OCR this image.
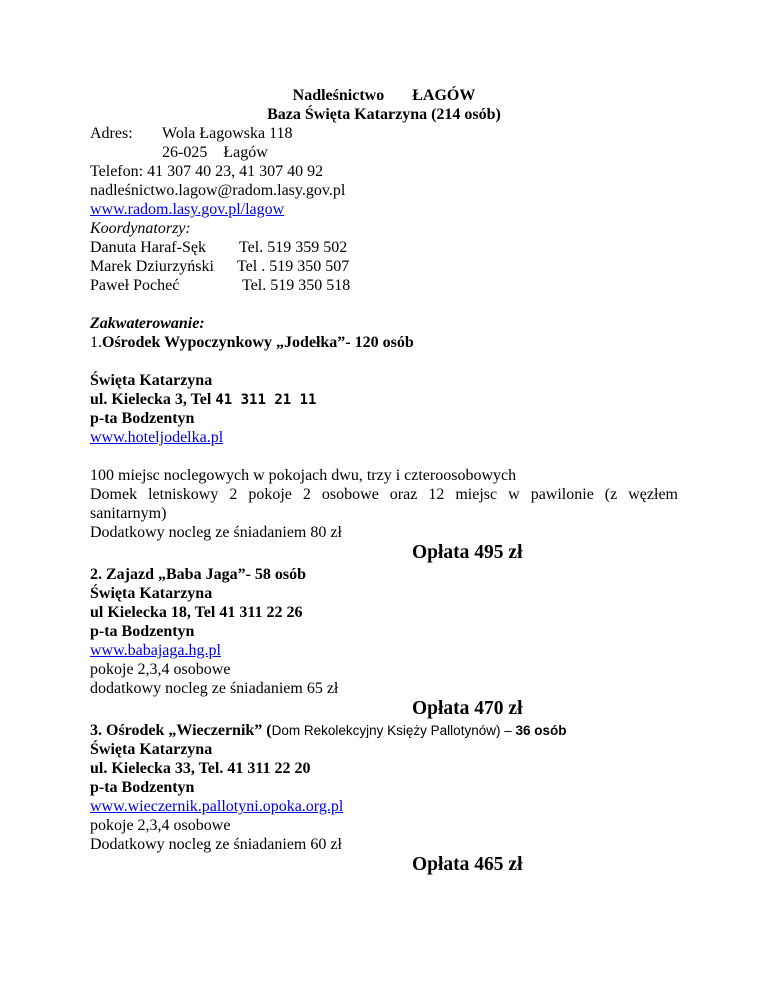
Nadleśnictwo ŁAGÓW
Baza Święta Katarzyna (214 osób)
Adres: Wola Łagowska 118
26-025 Łagów
Telefon: 41 307 40 23, 41 307 40 92
nadleśnictwo.lagow@radom.lasy.gov.pl
www.radom.lasy.gov.pl/lagow
Koordynatorzy:
Danuta Haraf-Sęk Tel. 519 359 502
Marek Dziurzyński Tel . 519 350 507
Paweł Pocheć	Tel. 519 350 518
Zakwaterowanie:
1.Ośrodek Wypoczynkowy „Jodełka”- 120 osób
Święta Katarzyna
ul. Kielecka 3, Tel 41 311 21 11
p-ta Bodzentyn
www.hoteljodelka.pl
100 miejsc noclegowych w pokojach dwu, trzy i czteroosobowych
Domek letniskowy 2 pokoje 2 osobowe oraz 12 miejsc w pawilonie (z węzłem
sanitarnym)
Dodatkowy nocleg ze śniadaniem 80 zł
Opłata 495 zł
2. Zajazd „Baba Jaga”- 58 osób
Święta Katarzyna
ul Kielecka 18, Tel 41 311 22 26
p-ta Bodzentyn
www.babajaga.hg.pl
pokoje 2,3,4 osobowe
dodatkowy nocleg ze śniadaniem 65 zł
Opłata 470 zł
3. Ośrodek „Wieczernik” (Dom Rekolekcyjny Księży Pallotynów) – 36 osób
Święta Katarzyna
ul. Kielecka 33, Tel. 41 311 22 20
p-ta Bodzentyn
www.wieczernik.pallotyni.opoka.org.pl
pokoje 2,3,4 osobowe
Dodatkowy nocleg ze śniadaniem 60 zł
Opłata 465 zł
